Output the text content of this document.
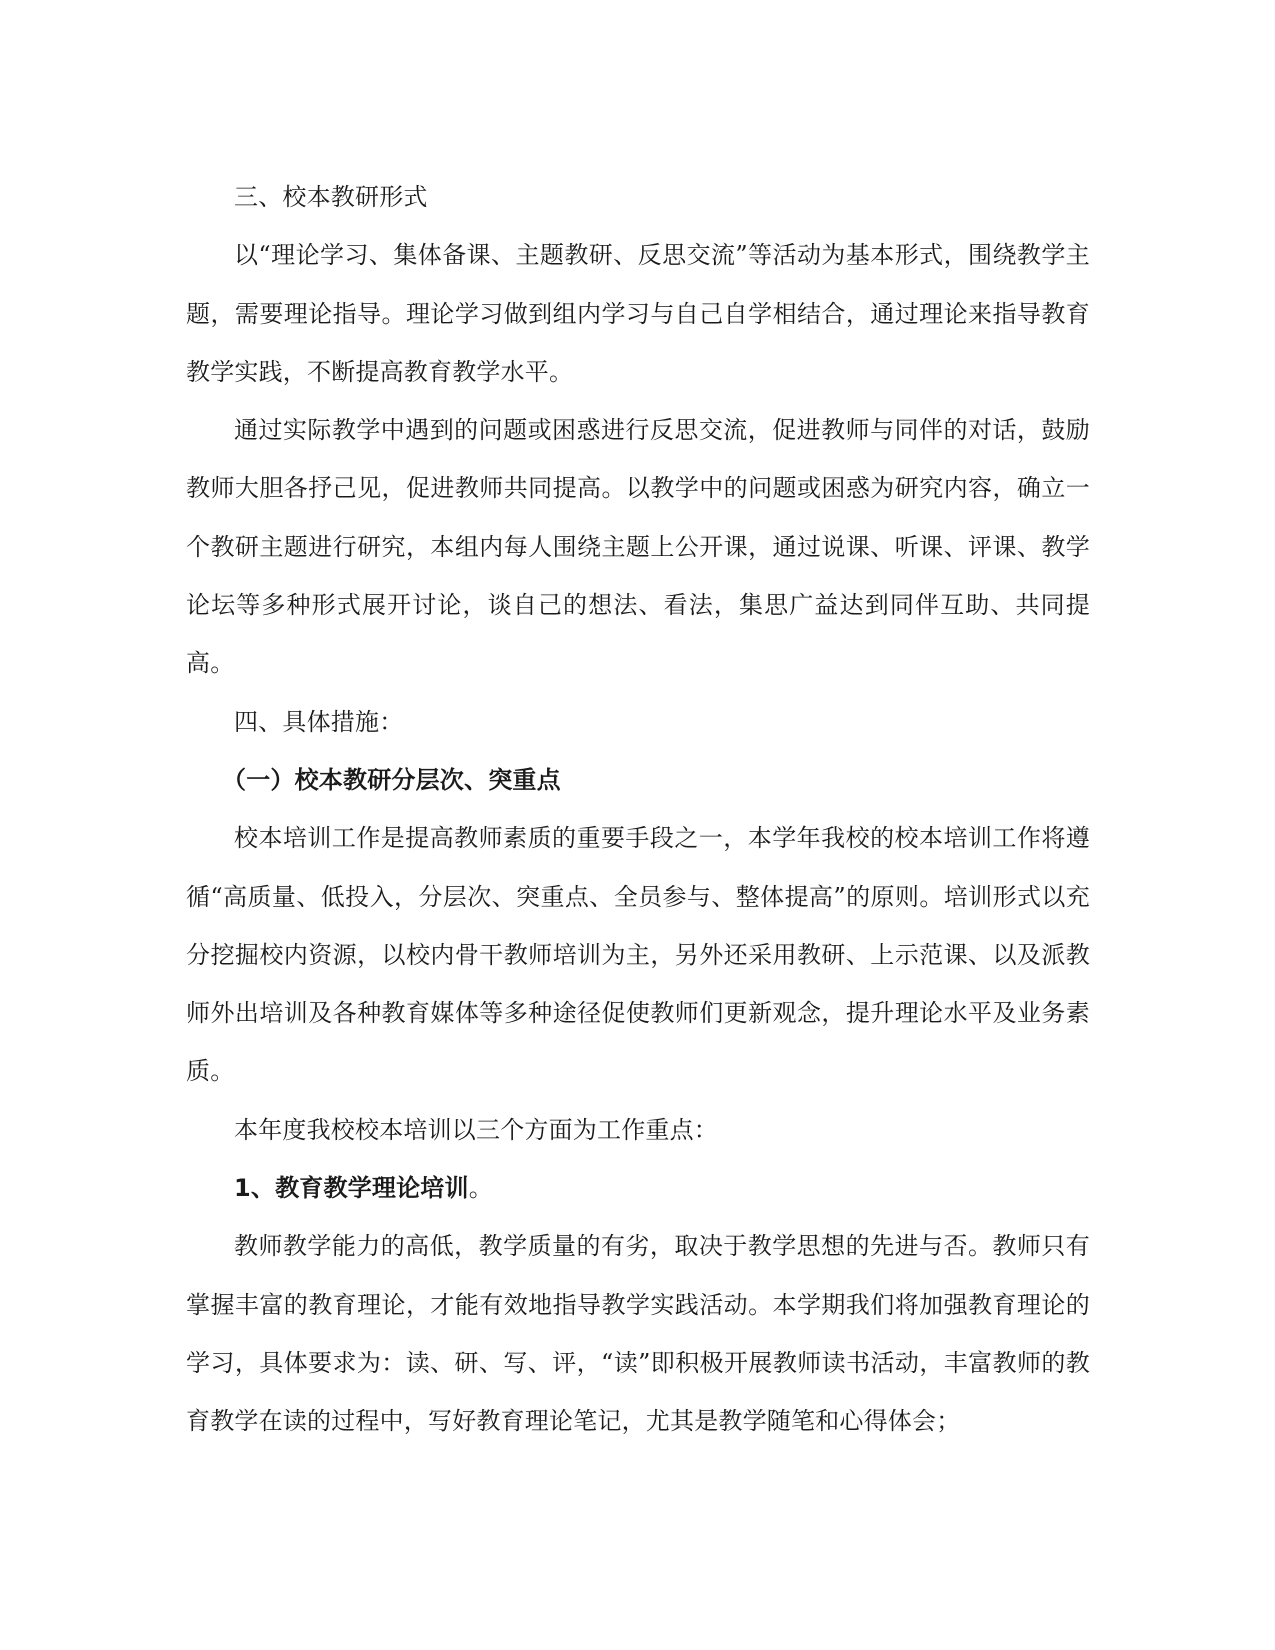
三、校本教研形式

以“理论学习、集体备课、主题教研、反思交流”等活动为基本形式，围绕教学主题，需要理论指导。理论学习做到组内学习与自己自学相结合，通过理论来指导教育教学实践，不断提高教育教学水平。

通过实际教学中遇到的问题或困惑进行反思交流，促进教师与同伴的对话，鼓励教师大胆各抒己见，促进教师共同提高。以教学中的问题或困惑为研究内容，确立一个教研主题进行研究，本组内每人围绕主题上公开课，通过说课、听课、评课、教学论坛等多种形式展开讨论，谈自己的想法、看法，集思广益达到同伴互助、共同提高。

四、具体措施：

（一）校本教研分层次、突重点

校本培训工作是提高教师素质的重要手段之一，本学年我校的校本培训工作将遵循“高质量、低投入，分层次、突重点、全员参与、整体提高”的原则。培训形式以充分挖掘校内资源，以校内骨干教师培训为主，另外还采用教研、上示范课、以及派教师外出培训及各种教育媒体等多种途径促使教师们更新观念，提升理论水平及业务素质。

本年度我校校本培训以三个方面为工作重点：

1、教育教学理论培训。

教师教学能力的高低，教学质量的有劣，取决于教学思想的先进与否。教师只有掌握丰富的教育理论，才能有效地指导教学实践活动。本学期我们将加强教育理论的学习，具体要求为：读、研、写、评，“读”即积极开展教师读书活动，丰富教师的教育教学在读的过程中，写好教育理论笔记，尤其是教学随笔和心得体会；
